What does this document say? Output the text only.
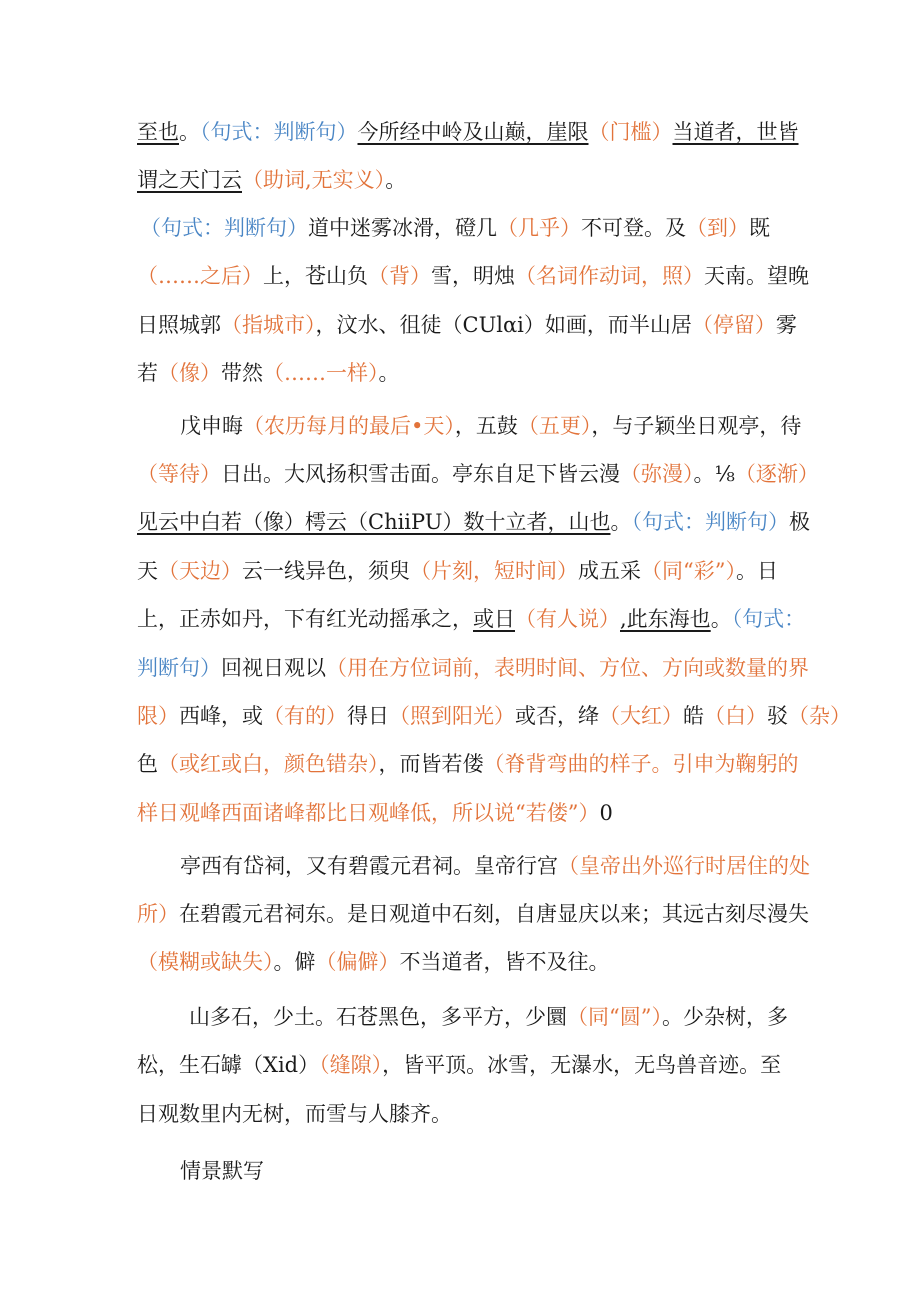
至也。（句式：判断句）今所经中岭及山巅，崖限（门槛）当道者，世皆
谓之天门云（助词,无实义）。
（句式：判断句）道中迷雾冰滑，磴几（几乎）不可登。及（到）既
（……之后）上，苍山负（背）雪，明烛（名词作动词，照）天南。望晚
日照城郭（指城市），汶水、徂徒（CUlαi）如画，而半山居（停留）雾
若（像）带然（……一样）。
戊申晦（农历每月的最后•天），五鼓（五更），与子颖坐日观亭，待
（等待）日出。大风扬积雪击面。亭东自足下皆云漫（弥漫）。⅛（逐渐）
见云中白若（像）樗云（ChiiPU）数十立者，山也。（句式：判断句）极
天（天边）云一线异色，须臾（片刻，短时间）成五采（同“彩”）。日
上，正赤如丹，下有红光动摇承之，或日（有人说）,此东海也。（句式：
判断句）回视日观以（用在方位词前，表明时间、方位、方向或数量的界
限）西峰，或（有的）得日（照到阳光）或否，绛（大红）皓（白）驳（杂）
色（或红或白，颜色错杂），而皆若偻（脊背弯曲的样子。引申为鞠躬的
样日观峰西面诸峰都比日观峰低，所以说“若偻”）0
亭西有岱祠，又有碧霞元君祠。皇帝行宫（皇帝出外巡行时居住的处
所）在碧霞元君祠东。是日观道中石刻，自唐显庆以来；其远古刻尽漫失
（模糊或缺失）。僻（偏僻）不当道者，皆不及往。
山多石，少土。石苍黑色，多平方，少圜（同“圆”）。少杂树，多
松，生石罅（Xid）（缝隙），皆平顶。冰雪，无瀑水，无鸟兽音迹。至
日观数里内无树，而雪与人膝齐。
情景默写
